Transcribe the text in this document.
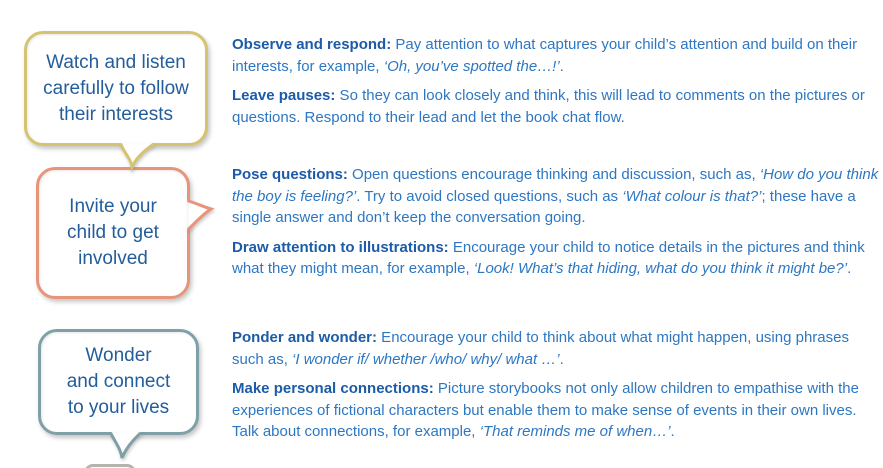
Watch and listen
carefully to follow
their interests
Invite your
child to get
involved
Wonder
and connect
to your lives

Observe and respond: Pay attention to what captures your child’s attention and build on their interests, for example, ‘Oh, you’ve spotted the…!’.

Leave pauses: So they can look closely and think, this will lead to comments on the pictures or questions. Respond to their lead and let the book chat flow.

Pose questions: Open questions encourage thinking and discussion, such as, ‘How do you think the boy is feeling?’. Try to avoid closed questions, such as ‘What colour is that?’; these have a single answer and don’t keep the conversation going.

Draw attention to illustrations: Encourage your child to notice details in the pictures and think what they might mean, for example, ‘Look! What’s that hiding, what do you think it might be?’.

Ponder and wonder: Encourage your child to think about what might happen, using phrases such as, ‘I wonder if/ whether /who/ why/ what …’.

Make personal connections: Picture storybooks not only allow children to empathise with the experiences of fictional characters but enable them to make sense of events in their own lives. Talk about connections, for example, ‘That reminds me of when…’.
